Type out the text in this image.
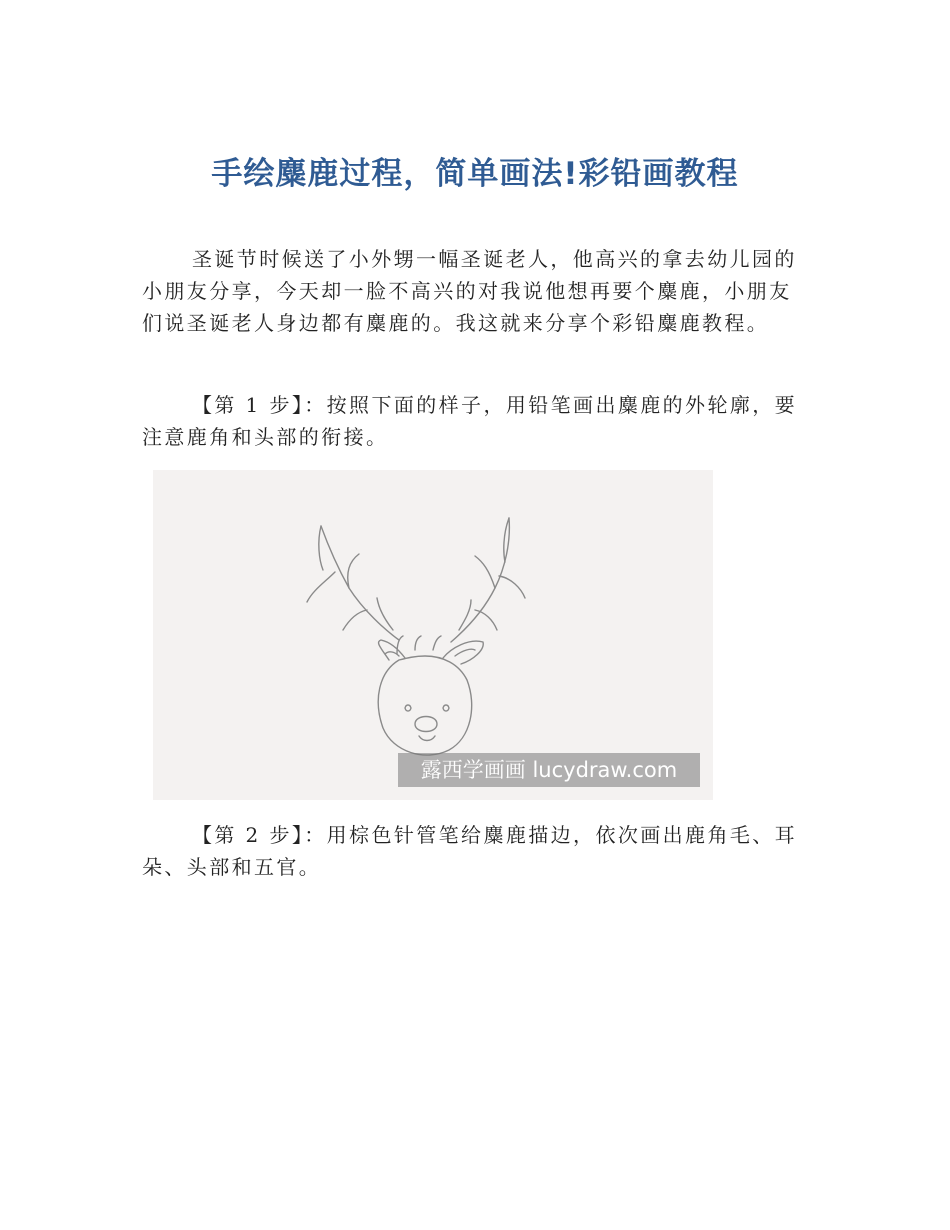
手绘麋鹿过程，简单画法!彩铅画教程

圣诞节时候送了小外甥一幅圣诞老人，他高兴的拿去幼儿园的小朋友分享，今天却一脸不高兴的对我说他想再要个麋鹿，小朋友们说圣诞老人身边都有麋鹿的。我这就来分享个彩铅麋鹿教程。

【第 1 步】：按照下面的样子，用铅笔画出麋鹿的外轮廓，要注意鹿角和头部的衔接。

露西学画画 lucydraw.com

【第 2 步】：用棕色针管笔给麋鹿描边，依次画出鹿角毛、耳朵、头部和五官。
